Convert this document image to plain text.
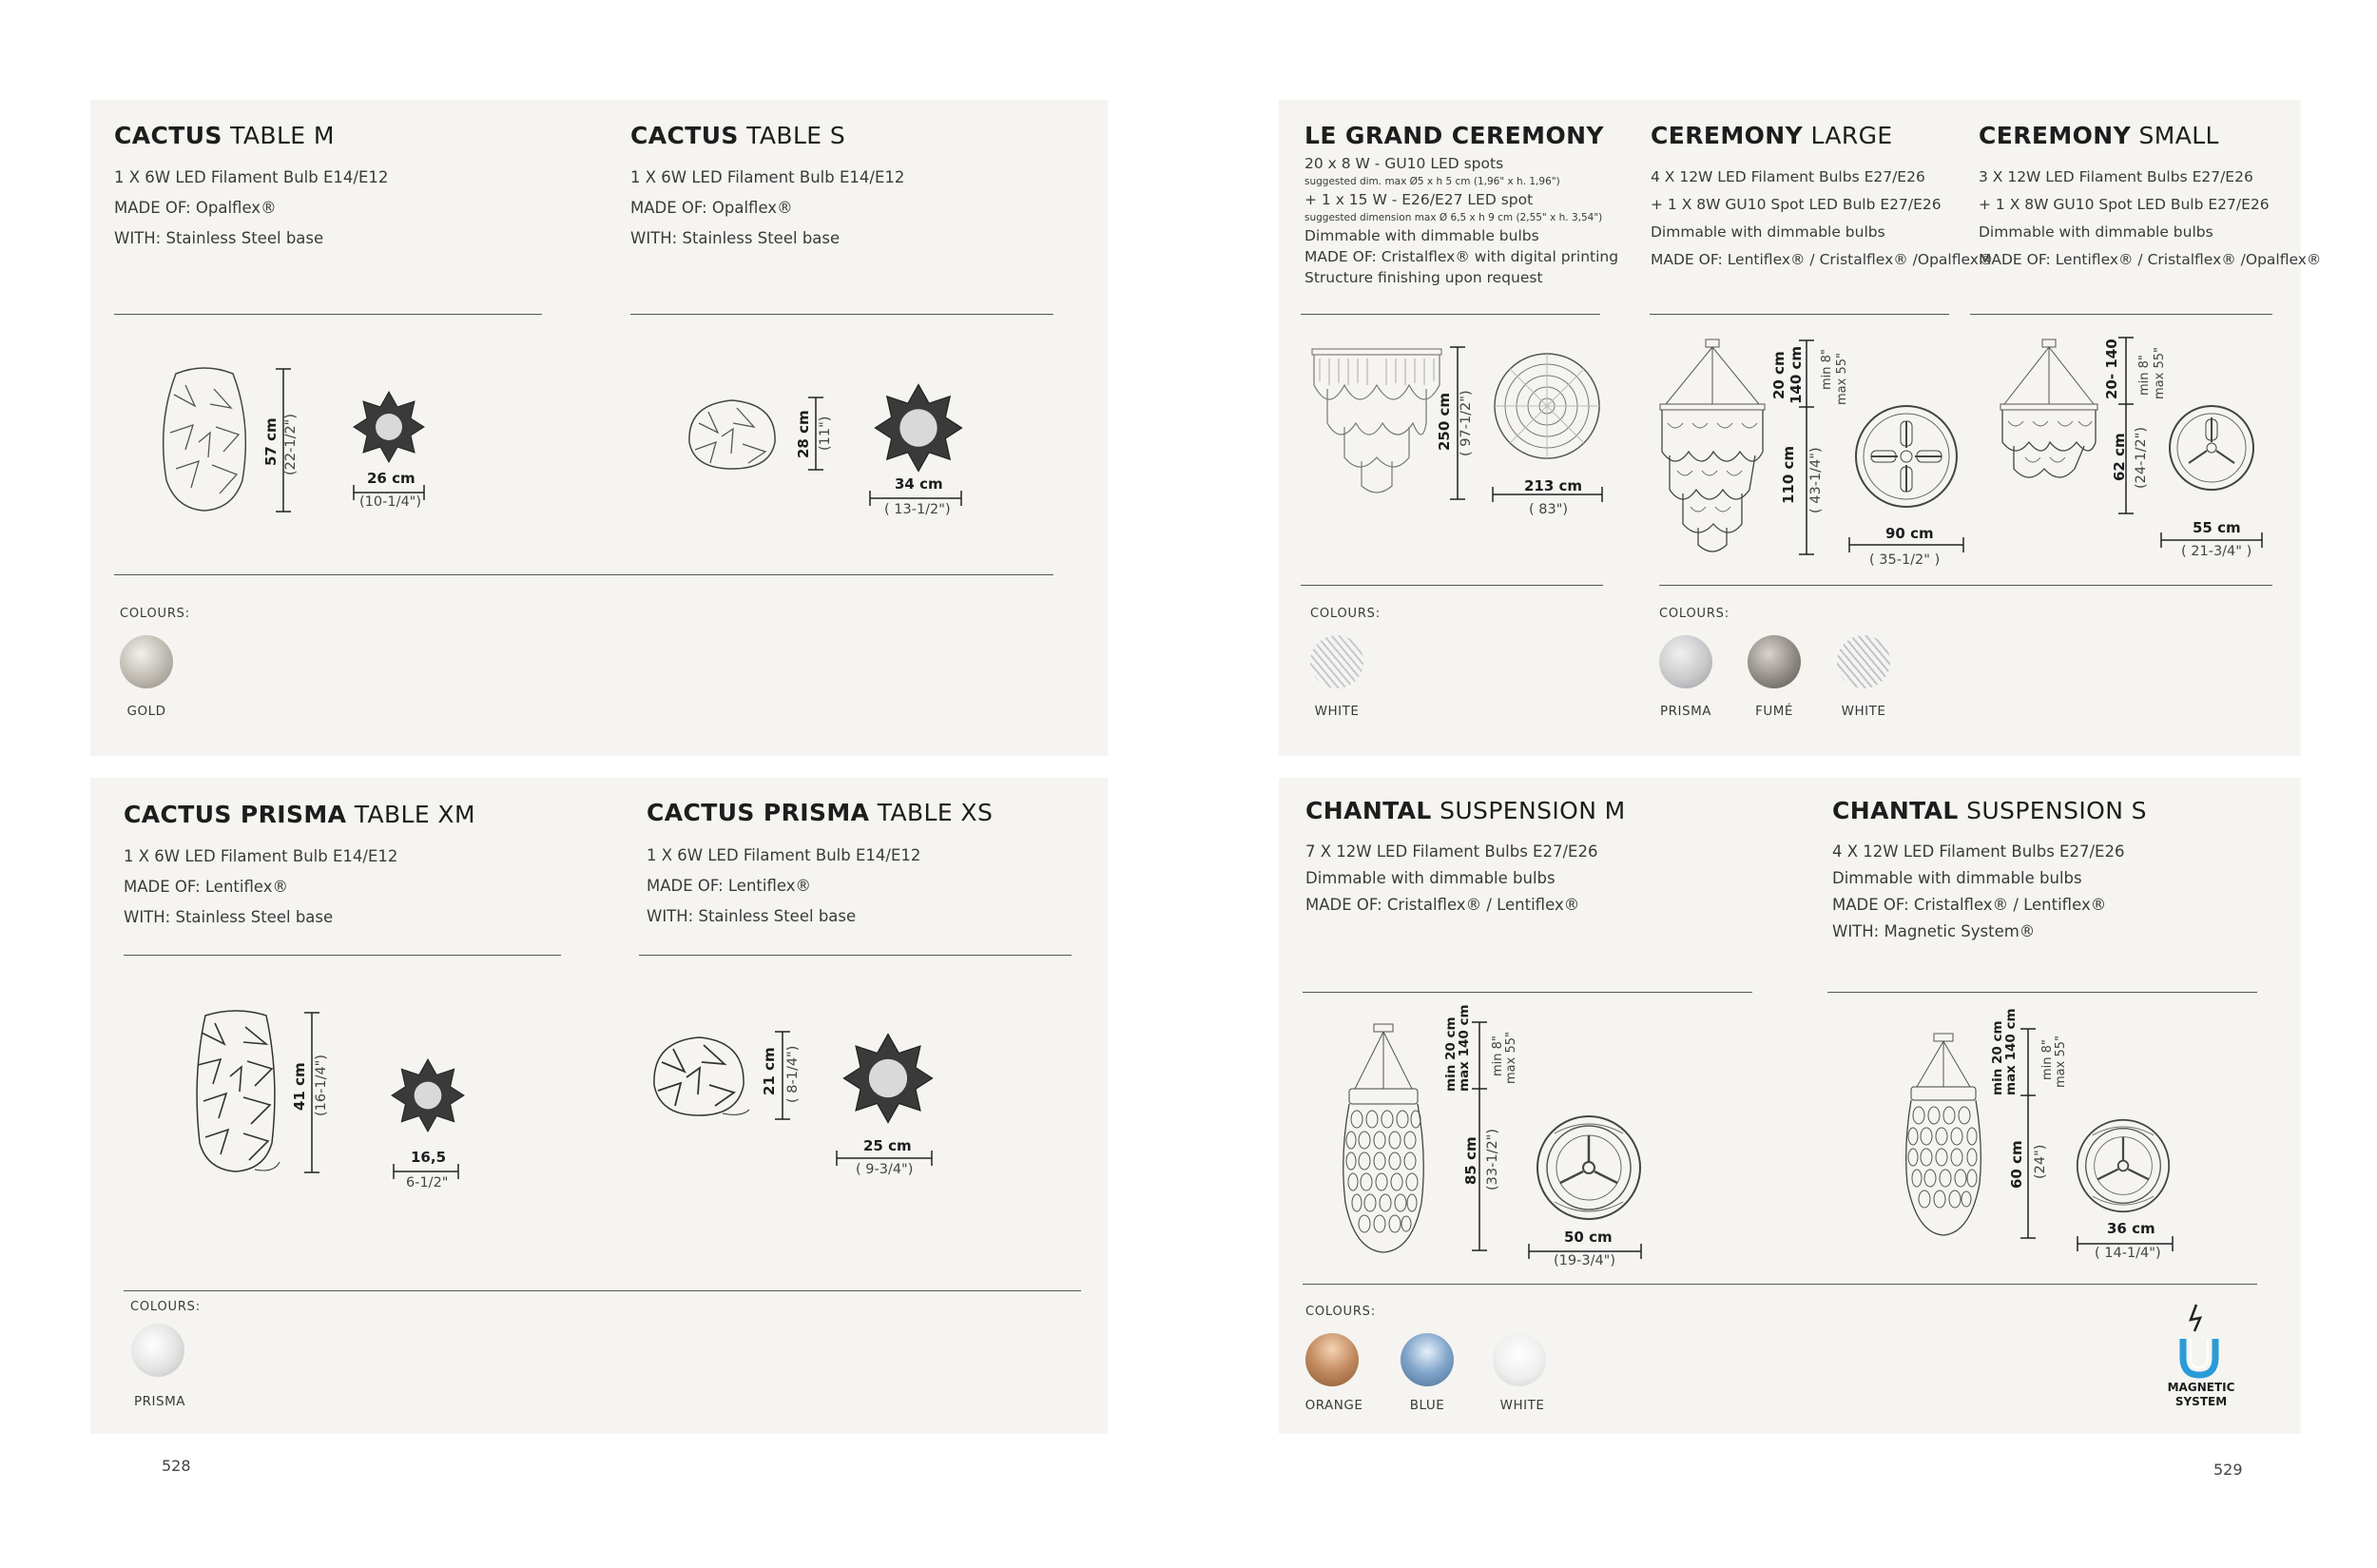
CACTUS TABLE M
1 X 6W LED Filament Bulb E14/E12
MADE OF: Opalflex®
WITH: Stainless Steel base
57 cm (22-1/2")
26 cm
(10-1/4")
CACTUS TABLE S
1 X 6W LED Filament Bulb E14/E12
MADE OF: Opalflex®
WITH: Stainless Steel base
28 cm (11")
34 cm
( 13-1/2")
COLOURS:
GOLD
LE GRAND CEREMONY
20 x 8 W - GU10 LED spots
suggested dim. max Ø5 x h 5 cm (1,96" x h. 1,96")
+ 1 x 15 W - E26/E27 LED spot
suggested dimension max Ø 6,5 x h 9 cm (2,55" x h. 3,54")
Dimmable with dimmable bulbs
MADE OF: Cristalflex® with digital printing
Structure finishing upon request
250 cm ( 97-1/2")
213 cm
( 83")
CEREMONY LARGE
4 X 12W LED Filament Bulbs E27/E26
+ 1 X 8W GU10 Spot LED Bulb E27/E26
Dimmable with dimmable bulbs
MADE OF: Lentiflex® / Cristalflex® /Opalflex®
20 cm 140 cm min 8" max 55"
110 cm ( 43-1/4")
90 cm
( 35-1/2" )
CEREMONY SMALL
3 X 12W LED Filament Bulbs E27/E26
+ 1 X 8W GU10 Spot LED Bulb E27/E26
Dimmable with dimmable bulbs
MADE OF: Lentiflex® / Cristalflex® /Opalflex®
20- 140 min 8" max 55"
62 cm (24-1/2")
55 cm
( 21-3/4" )
COLOURS:
WHITE
COLOURS:
PRISMA	FUMÉ	WHITE
CACTUS PRISMA TABLE XM
1 X 6W LED Filament Bulb E14/E12
MADE OF: Lentiflex®
WITH: Stainless Steel base
41 cm (16-1/4")
16,5
6-1/2"
CACTUS PRISMA TABLE XS
1 X 6W LED Filament Bulb E14/E12
MADE OF: Lentiflex®
WITH: Stainless Steel base
21 cm ( 8-1/4")
25 cm
( 9-3/4")
COLOURS:
PRISMA
CHANTAL SUSPENSION M
7 X 12W LED Filament Bulbs E27/E26
Dimmable with dimmable bulbs
MADE OF: Cristalflex® / Lentiflex®
min 20 cm
max 140 cm min 8" max 55"
85 cm (33-1/2")
50 cm
(19-3/4")
CHANTAL SUSPENSION S
4 X 12W LED Filament Bulbs E27/E26
Dimmable with dimmable bulbs
MADE OF: Cristalflex® / Lentiflex®
WITH: Magnetic System®
min 20 cm
max 140 cm min 8" max 55"
60 cm (24")
36 cm
( 14-1/4")
COLOURS:
ORANGE	BLUE	WHITE
MAGNETIC
SYSTEM
528	529
